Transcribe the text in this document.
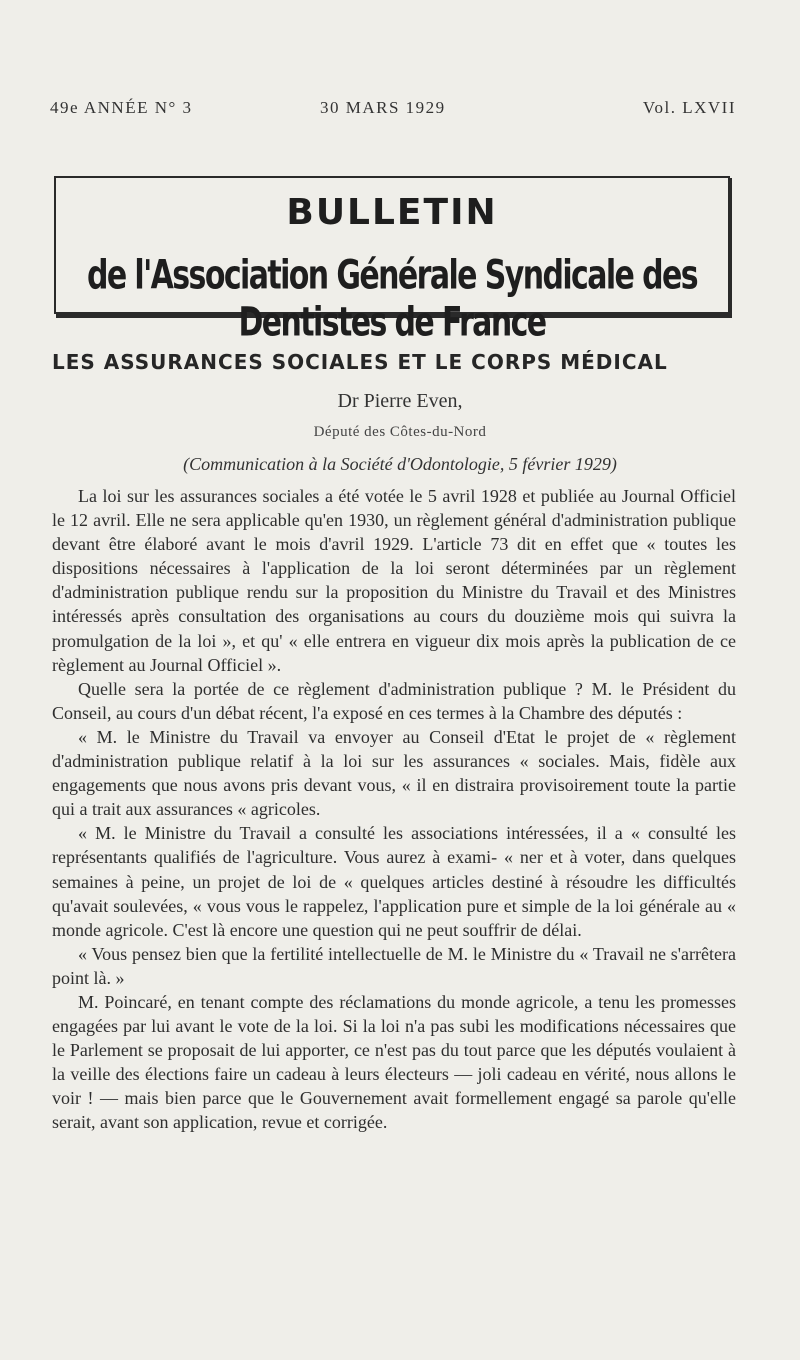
49e ANNÉE N° 3	30 MARS 1929	Vol. LXVII
BULLETIN
de l'Association Générale Syndicale des Dentistes de France
LES ASSURANCES SOCIALES ET LE CORPS MÉDICAL
Dr Pierre Even,
Député des Côtes-du-Nord
(Communication à la Société d'Odontologie, 5 février 1929)

La loi sur les assurances sociales a été votée le 5 avril 1928 et publiée au Journal Officiel le 12 avril. Elle ne sera applicable qu'en 1930, un règlement général d'administration publique devant être élaboré avant le mois d'avril 1929. L'article 73 dit en effet que « toutes les dispositions nécessaires à l'application de la loi seront déterminées par un règlement d'administration publique rendu sur la proposition du Ministre du Travail et des Ministres intéressés après consultation des organisations au cours du douzième mois qui suivra la promulgation de la loi », et qu' « elle entrera en vigueur dix mois après la publication de ce règlement au Journal Officiel ».

Quelle sera la portée de ce règlement d'administration publique ? M. le Président du Conseil, au cours d'un débat récent, l'a exposé en ces termes à la Chambre des députés :

« M. le Ministre du Travail va envoyer au Conseil d'Etat le projet de « règlement d'administration publique relatif à la loi sur les assurances « sociales. Mais, fidèle aux engagements que nous avons pris devant vous, « il en distraira provisoirement toute la partie qui a trait aux assurances « agricoles.

« M. le Ministre du Travail a consulté les associations intéressées, il a « consulté les représentants qualifiés de l'agriculture. Vous aurez à exami- « ner et à voter, dans quelques semaines à peine, un projet de loi de « quelques articles destiné à résoudre les difficultés qu'avait soulevées, « vous vous le rappelez, l'application pure et simple de la loi générale au « monde agricole. C'est là encore une question qui ne peut souffrir de délai.

« Vous pensez bien que la fertilité intellectuelle de M. le Ministre du « Travail ne s'arrêtera point là. »

M. Poincaré, en tenant compte des réclamations du monde agricole, a tenu les promesses engagées par lui avant le vote de la loi. Si la loi n'a pas subi les modifications nécessaires que le Parlement se proposait de lui apporter, ce n'est pas du tout parce que les députés voulaient à la veille des élections faire un cadeau à leurs électeurs — joli cadeau en vérité, nous allons le voir ! — mais bien parce que le Gouvernement avait formellement engagé sa parole qu'elle serait, avant son application, revue et corrigée.
